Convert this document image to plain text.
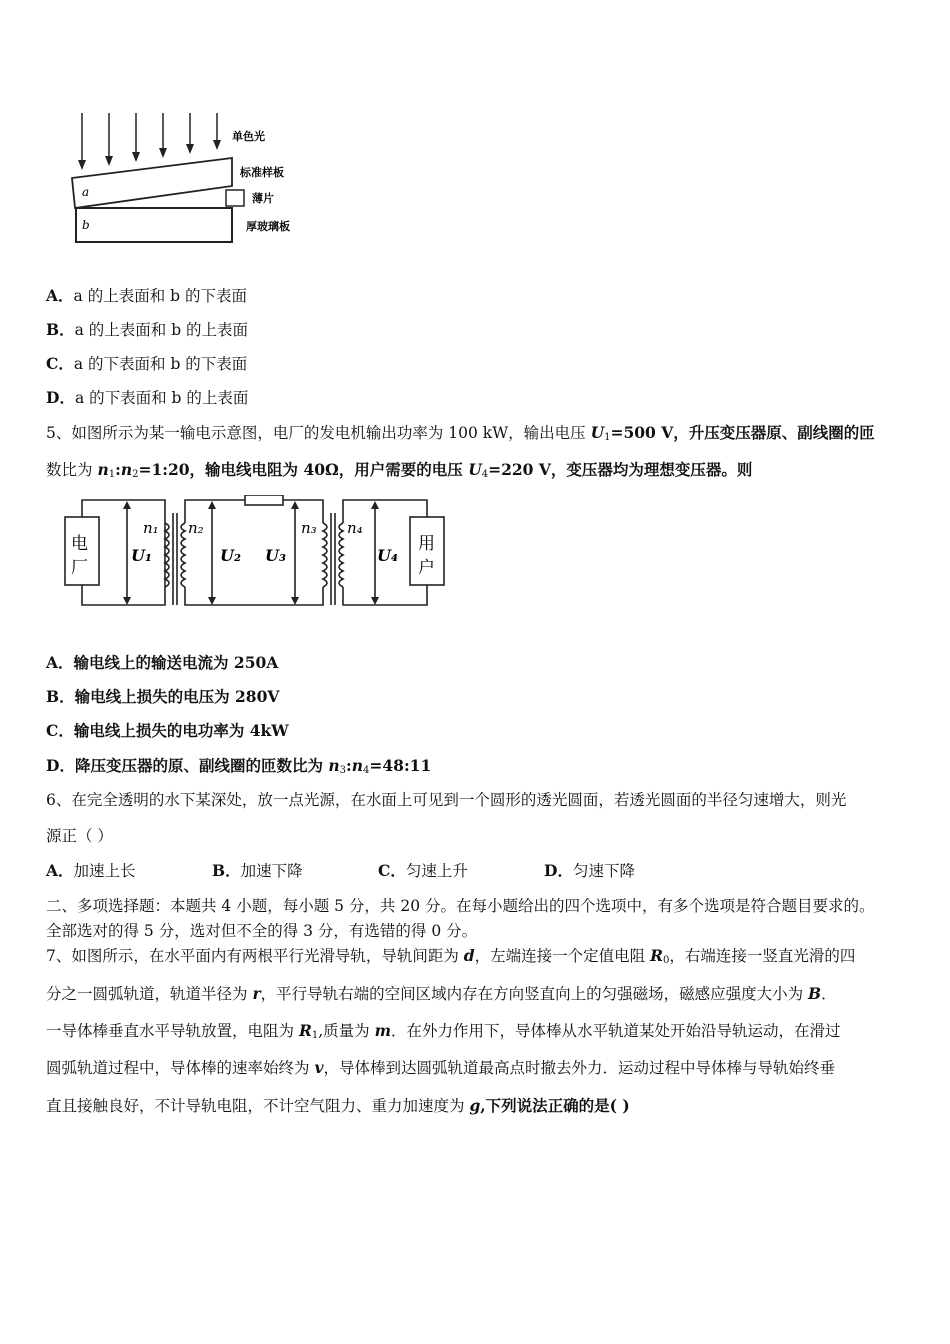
a
b
单色光
标准样板
薄片
厚玻璃板
A．a 的上表面和 b 的下表面
B．a 的上表面和 b 的上表面
C．a 的下表面和 b 的下表面
D．a 的下表面和 b 的上表面
5、如图所示为某一输电示意图，电厂的发电机输出功率为 100 kW，输出电压 $U_1=500$ V，升压变压器原、副线圈的匝
数比为 $n_1:n_2=1:20$，输电线电阻为 40Ω，用户需要的电压 $U_4=220$ V，变压器均为理想变压器。则
电
厂
用
户
n₁ n₂	n₃ n₄
U₁	U₂ U₃	U₄
电厂
A．输电线上的输送电流为 250A
B．输电线上损失的电压为 280V
C．输电线上损失的电功率为 4kW
D．降压变压器的原、副线圈的匝数比为 $n_3:n_4=48:11$
6、在完全透明的水下某深处，放一点光源，在水面上可见到一个圆形的透光圆面，若透光圆面的半径匀速增大，则光
源正（ ）
A．加速上长	B．加速下降	C．匀速上升	D．匀速下降
二、多项选择题：本题共 4 小题，每小题 5 分，共 20 分。在每小题给出的四个选项中，有多个选项是符合题目要求的。
全部选对的得 5 分，选对但不全的得 3 分，有选错的得 0 分。
7、如图所示，在水平面内有两根平行光滑导轨，导轨间距为 d，左端连接一个定值电阻 $R_0$，右端连接一竖直光滑的四
分之一圆弧轨道，轨道半径为 r，平行导轨右端的空间区域内存在方向竖直向上的匀强磁场，磁感应强度大小为 B．
一导体棒垂直水平导轨放置，电阻为 $R_1$,质量为 m．在外力作用下，导体棒从水平轨道某处开始沿导轨运动，在滑过
圆弧轨道过程中，导体棒的速率始终为 v，导体棒到达圆弧轨道最高点时撤去外力．运动过程中导体棒与导轨始终垂
直且接触良好，不计导轨电阻，不计空气阻力、重力加速度为 g,下列说法正确的是( )
